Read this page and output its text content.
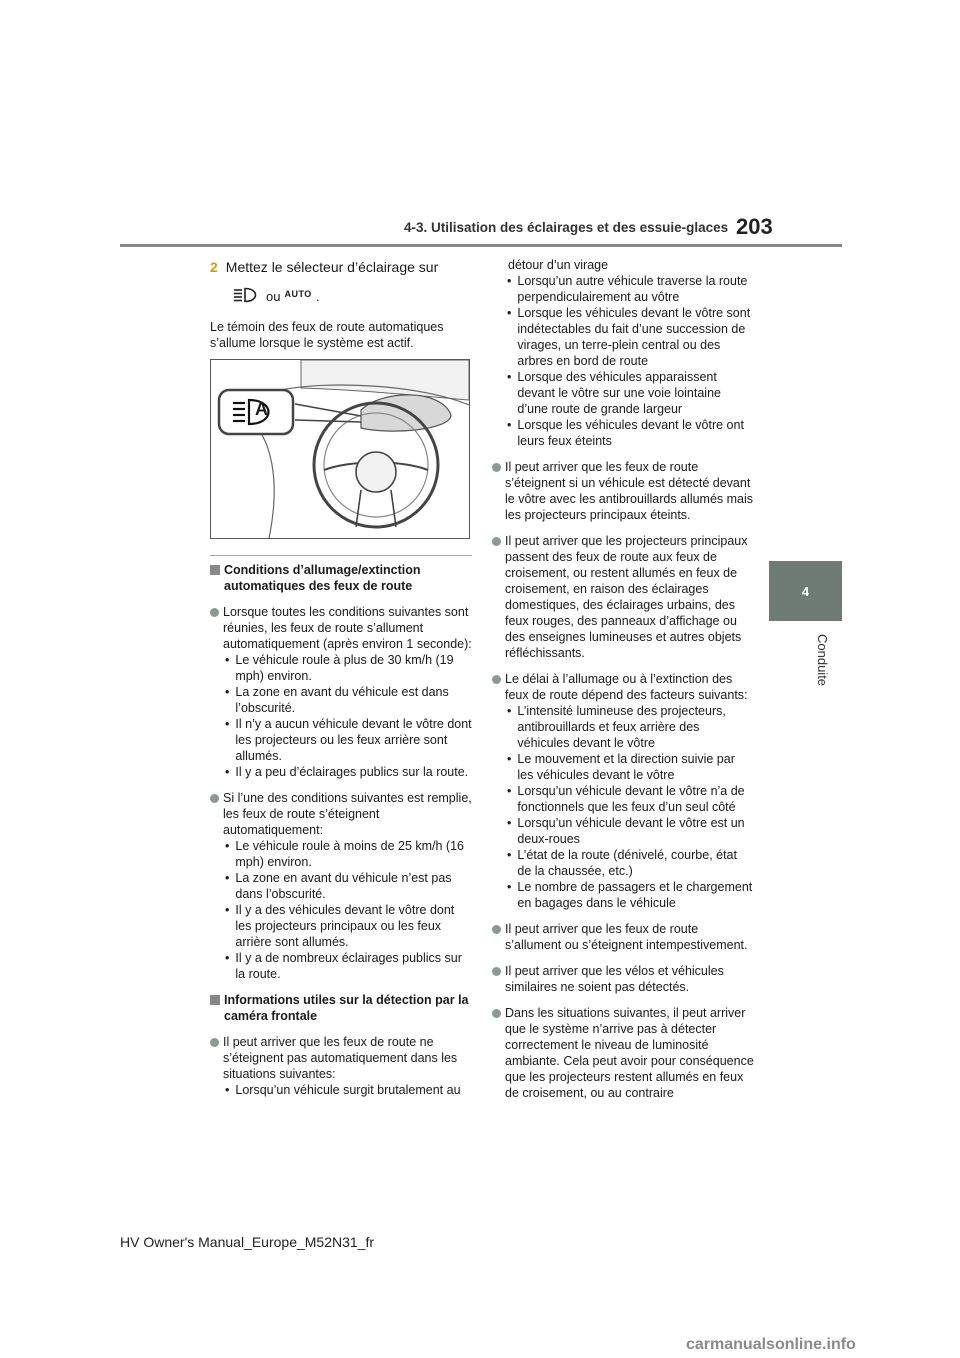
4-3. Utilisation des éclairages et des essuie-glaces 203
4
Conduite
2 Mettez le sélecteur d’éclairage sur
ou AUTO .

Le témoin des feux de route automatiques s’allume lorsque le système est actif.

A
Conditions d’allumage/extinction automatiques des feux de route
Lorsque toutes les conditions suivantes sont réunies, les feux de route s’allument automatiquement (après environ 1 seconde):
• Le véhicule roule à plus de 30 km/h (19 mph) environ.
• La zone en avant du véhicule est dans l’obscurité.
• Il n’y a aucun véhicule devant le vôtre dont les projecteurs ou les feux arrière sont allumés.
• Il y a peu d’éclairages publics sur la route.
Si l’une des conditions suivantes est remplie, les feux de route s’éteignent automatiquement:
• Le véhicule roule à moins de 25 km/h (16 mph) environ.
• La zone en avant du véhicule n’est pas dans l’obscurité.
• Il y a des véhicules devant le vôtre dont les projecteurs principaux ou les feux arrière sont allumés.
• Il y a de nombreux éclairages publics sur la route.
Informations utiles sur la détection par la caméra frontale
Il peut arriver que les feux de route ne s’éteignent pas automatiquement dans les situations suivantes:
• Lorsqu’un véhicule surgit brutalement au
détour d’un virage
• Lorsqu’un autre véhicule traverse la route perpendiculairement au vôtre
• Lorsque les véhicules devant le vôtre sont indétectables du fait d’une succession de virages, un terre-plein central ou des arbres en bord de route
• Lorsque des véhicules apparaissent devant le vôtre sur une voie lointaine d’une route de grande largeur
• Lorsque les véhicules devant le vôtre ont leurs feux éteints
Il peut arriver que les feux de route s’éteignent si un véhicule est détecté devant le vôtre avec les antibrouillards allumés mais les projecteurs principaux éteints.
Il peut arriver que les projecteurs principaux passent des feux de route aux feux de croisement, ou restent allumés en feux de croisement, en raison des éclairages domestiques, des éclairages urbains, des feux rouges, des panneaux d’affichage ou des enseignes lumineuses et autres objets réfléchissants.
Le délai à l’allumage ou à l’extinction des feux de route dépend des facteurs suivants:
• L’intensité lumineuse des projecteurs, antibrouillards et feux arrière des véhicules devant le vôtre
• Le mouvement et la direction suivie par les véhicules devant le vôtre
• Lorsqu’un véhicule devant le vôtre n’a de fonctionnels que les feux d’un seul côté
• Lorsqu’un véhicule devant le vôtre est un deux-roues
• L’état de la route (dénivelé, courbe, état de la chaussée, etc.)
• Le nombre de passagers et le chargement en bagages dans le véhicule
Il peut arriver que les feux de route s’allument ou s’éteignent intempestivement.
Il peut arriver que les vélos et véhicules similaires ne soient pas détectés.
Dans les situations suivantes, il peut arriver que le système n’arrive pas à détecter correctement le niveau de luminosité ambiante. Cela peut avoir pour conséquence que les projecteurs restent allumés en feux de croisement, ou au contraire
HV Owner's Manual_Europe_M52N31_fr
carmanualsonline.info
